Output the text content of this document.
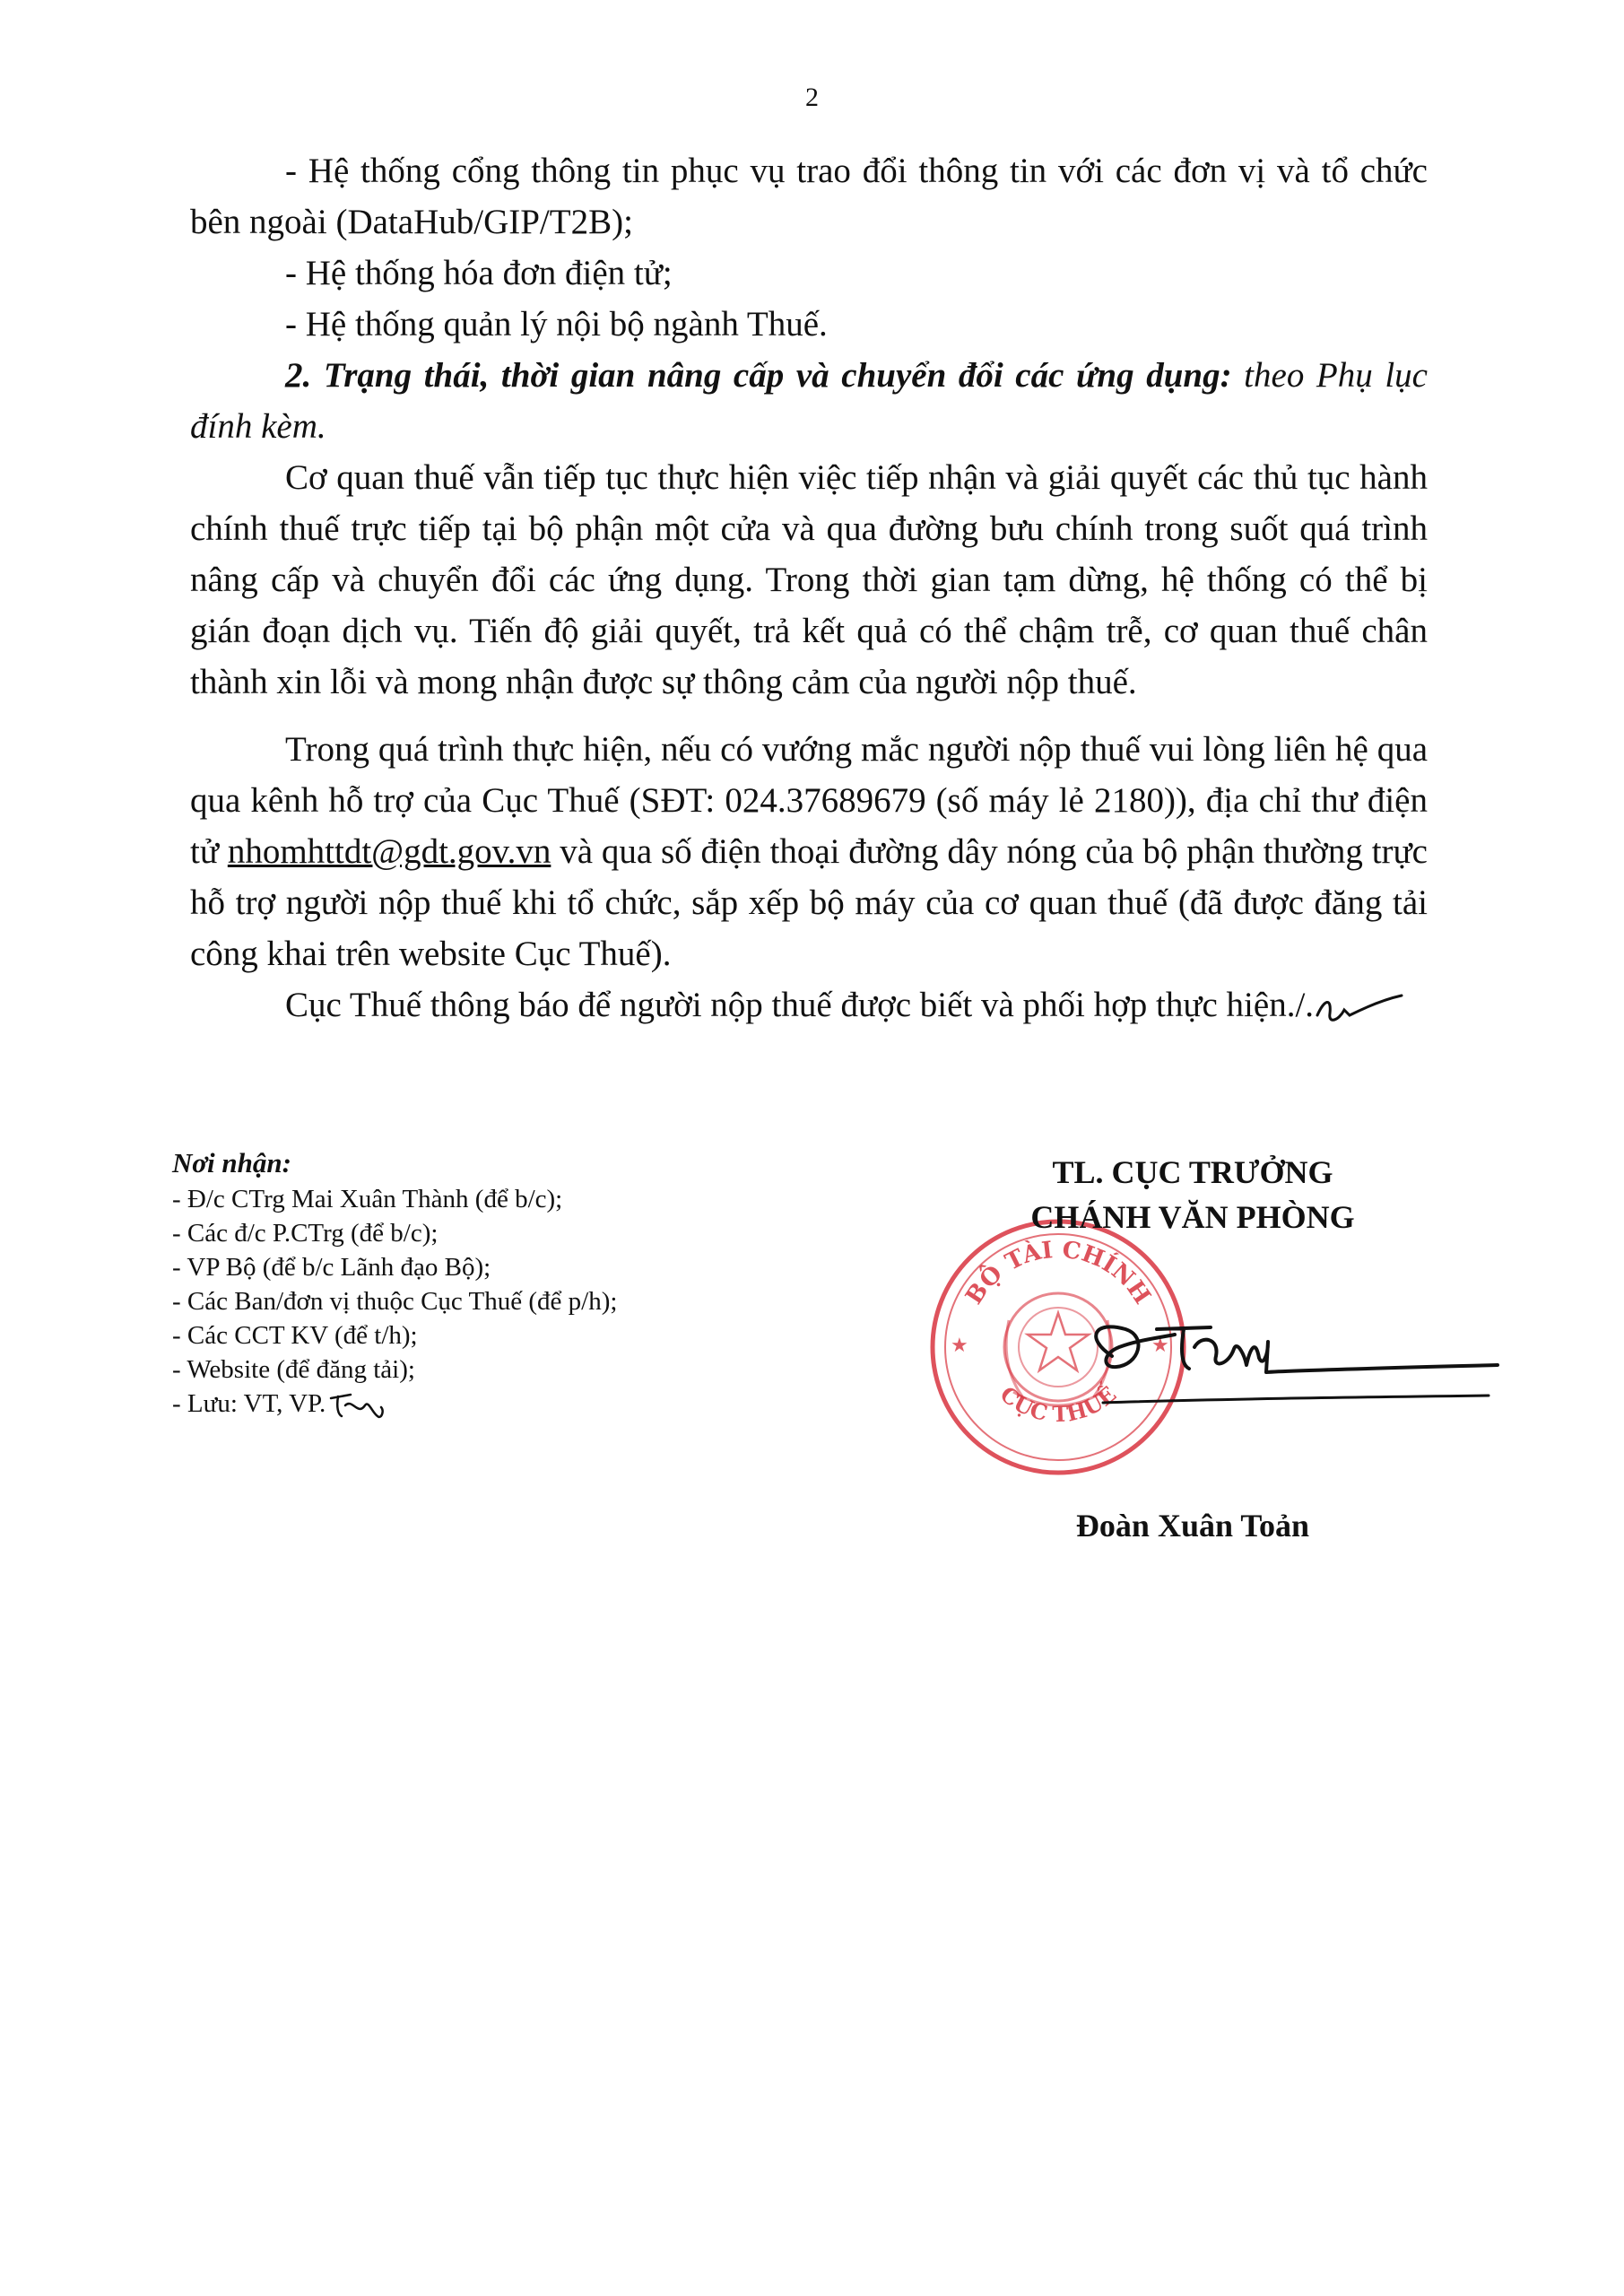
2

- Hệ thống cổng thông tin phục vụ trao đổi thông tin với các đơn vị và tổ chức bên ngoài (DataHub/GIP/T2B);

- Hệ thống hóa đơn điện tử;

- Hệ thống quản lý nội bộ ngành Thuế.

2. Trạng thái, thời gian nâng cấp và chuyển đổi các ứng dụng: theo Phụ lục đính kèm.

Cơ quan thuế vẫn tiếp tục thực hiện việc tiếp nhận và giải quyết các thủ tục hành chính thuế trực tiếp tại bộ phận một cửa và qua đường bưu chính trong suốt quá trình nâng cấp và chuyển đổi các ứng dụng. Trong thời gian tạm dừng, hệ thống có thể bị gián đoạn dịch vụ. Tiến độ giải quyết, trả kết quả có thể chậm trễ, cơ quan thuế chân thành xin lỗi và mong nhận được sự thông cảm của người nộp thuế.

Trong quá trình thực hiện, nếu có vướng mắc người nộp thuế vui lòng liên hệ qua qua kênh hỗ trợ của Cục Thuế (SĐT: 024.37689679 (số máy lẻ 2180)), địa chỉ thư điện tử nhomhttdt@gdt.gov.vn và qua số điện thoại đường dây nóng của bộ phận thường trực hỗ trợ người nộp thuế khi tổ chức, sắp xếp bộ máy của cơ quan thuế (đã được đăng tải công khai trên website Cục Thuế).

Cục Thuế thông báo để người nộp thuế được biết và phối hợp thực hiện./.

Nơi nhận:
- Đ/c CTrg Mai Xuân Thành (để b/c);
- Các đ/c P.CTrg (để b/c);
- VP Bộ (để b/c Lãnh đạo Bộ);
- Các Ban/đơn vị thuộc Cục Thuế (để p/h);
- Các CCT KV (để t/h);
- Website (để đăng tải);
- Lưu: VT, VP.
TL. CỤC TRƯỞNG
CHÁNH VĂN PHÒNG
BỘ TÀI CHÍNH
CỤC THUẾ
★	★
Đoàn Xuân Toản
